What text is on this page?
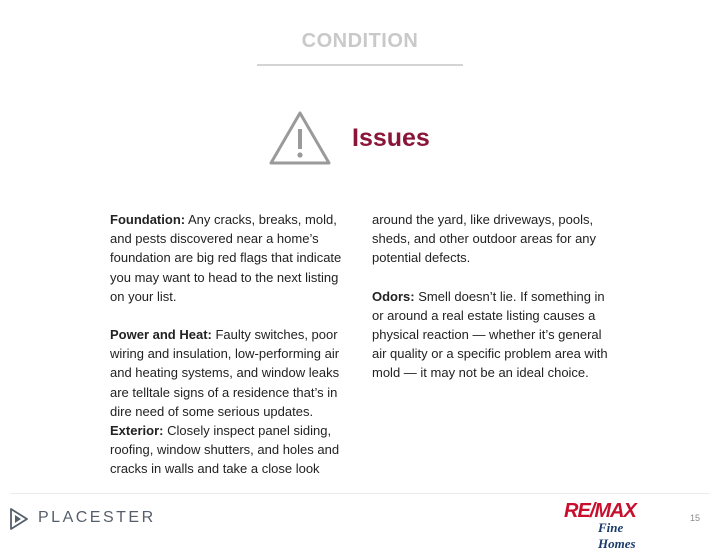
CONDITION
Issues

Foundation: Any cracks, breaks, mold, and pests discovered near a home’s foundation are big red flags that indicate you may want to head to the next listing on your list.

Power and Heat: Faulty switches, poor wiring and insulation, low-performing air and heating systems, and window leaks are telltale signs of a residence that’s in dire need of some serious updates.

Exterior: Closely inspect panel siding, roofing, window shutters, and holes and cracks in walls and take a close look

around the yard, like driveways, pools, sheds, and other outdoor areas for any potential defects.

Odors: Smell doesn’t lie. If something in or around a real estate listing causes a physical reaction — whether it’s general air quality or a specific problem area with mold — it may not be an ideal choice.

PLACESTER	RE/MAX
Fine Homes
15
